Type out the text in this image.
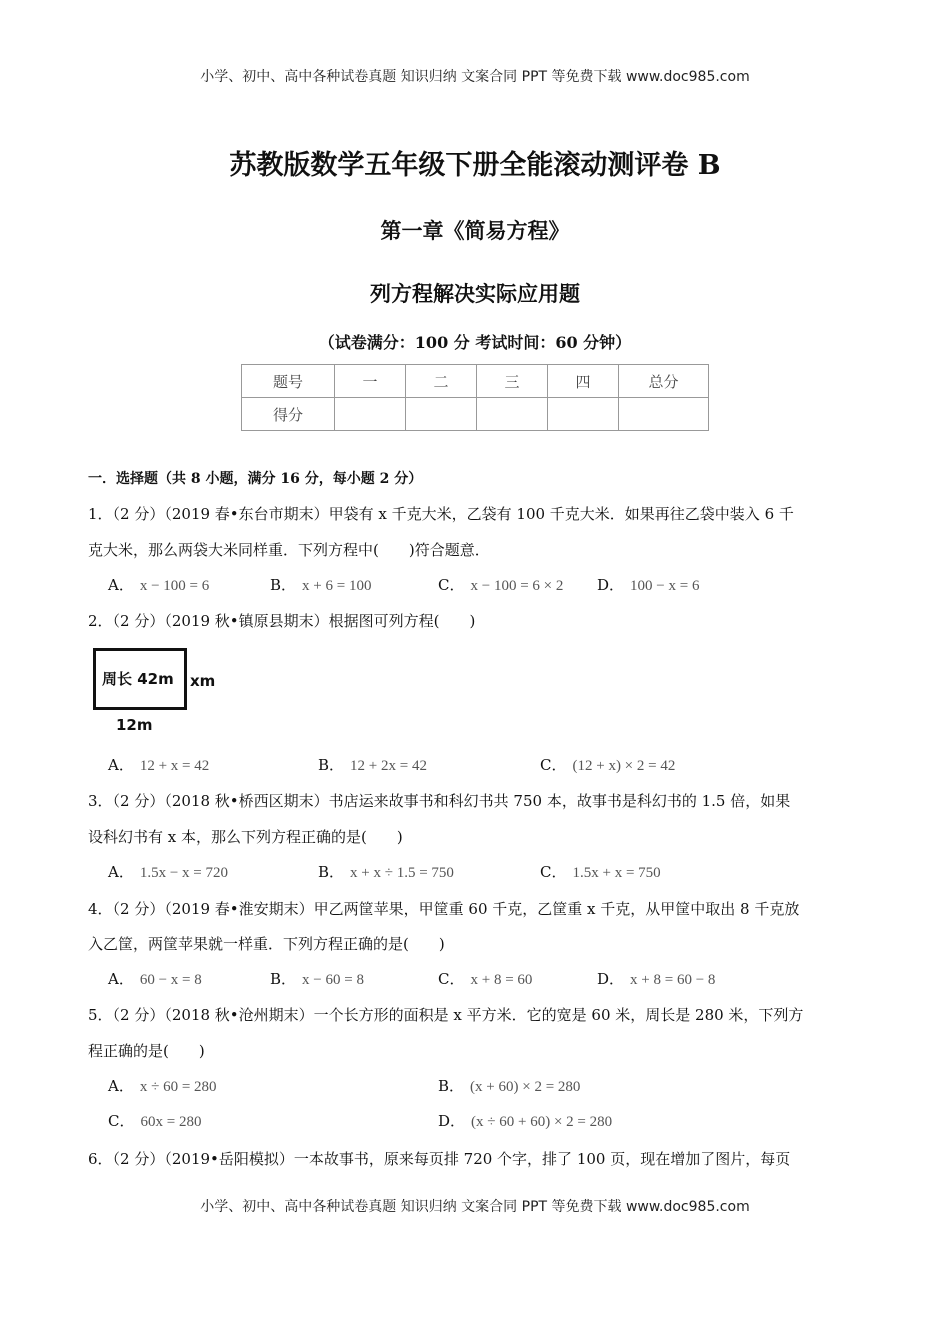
小学、初中、高中各种试卷真题 知识归纳 文案合同 PPT 等免费下载 www.doc985.com
苏教版数学五年级下册全能滚动测评卷 B
第一章《简易方程》
列方程解决实际应用题
（试卷满分：100 分 考试时间：60 分钟）
题号	一	二	三	四	总分
得分					
一．选择题（共 8 小题，满分 16 分，每小题 2 分）
1．（2 分）（2019 春•东台市期末）甲袋有 x 千克大米，乙袋有 100 千克大米．如果再往乙袋中装入 6 千
克大米，那么两袋大米同样重．下列方程中(　　)符合题意．
A． x − 100 = 6	B． x + 6 = 100	C． x − 100 = 6 × 2	D． 100 − x = 6
2．（2 分）（2019 秋•镇原县期末）根据图可列方程(　　)
周长 42m xm
12m
A． 12 + x = 42	B． 12 + 2x = 42	C． (12 + x) × 2 = 42
3．（2 分）（2018 秋•桥西区期末）书店运来故事书和科幻书共 750 本，故事书是科幻书的 1.5 倍，如果
设科幻书有 x 本，那么下列方程正确的是(　　)
A． 1.5x − x = 720	B． x + x ÷ 1.5 = 750	C． 1.5x + x = 750
4．（2 分）（2019 春•淮安期末）甲乙两筐苹果，甲筐重 60 千克，乙筐重 x 千克，从甲筐中取出 8 千克放
入乙筐，两筐苹果就一样重．下列方程正确的是(　　)
A． 60 − x = 8	B． x − 60 = 8	C． x + 8 = 60	D． x + 8 = 60 − 8
5．（2 分）（2018 秋•沧州期末）一个长方形的面积是 x 平方米．它的宽是 60 米，周长是 280 米，下列方
程正确的是(　　)
A． x ÷ 60 = 280	B． (x + 60) × 2 = 280
C． 60x = 280	D． (x ÷ 60 + 60) × 2 = 280
6．（2 分）（2019•岳阳模拟）一本故事书，原来每页排 720 个字，排了 100 页，现在增加了图片，每页
小学、初中、高中各种试卷真题 知识归纳 文案合同 PPT 等免费下载 www.doc985.com
